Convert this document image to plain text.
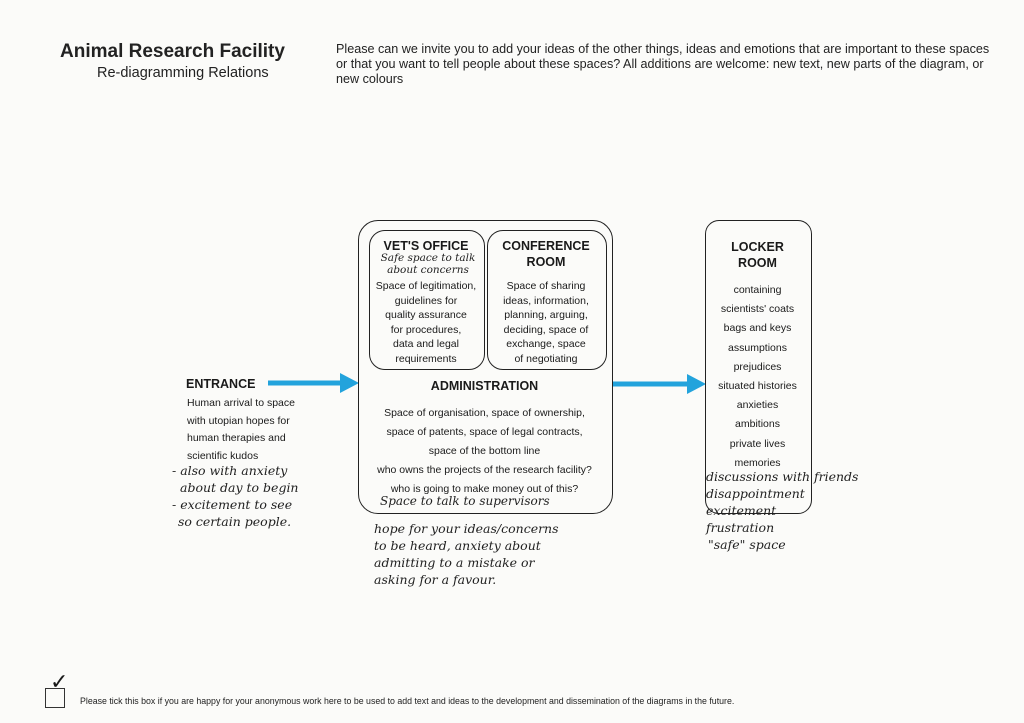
Animal Research Facility
Re-diagramming Relations
Please can we invite you to add your ideas of the other things, ideas and emotions that are important to these spaces or that you want to tell people about these spaces? All additions are welcome: new text, new parts of the diagram, or new colours
ENTRANCE
Human arrival to space
with utopian hopes for
human therapies and
scientific kudos
- also with anxiety
about day to begin
- excitement to see
so certain people.
VET'S OFFICE
Safe space to talk
about concerns
Space of legitimation,
guidelines for
quality assurance
for procedures,
data and legal
requirements
CONFERENCE
ROOM
Space of sharing
ideas, information,
planning, arguing,
deciding, space of
exchange, space
of negotiating
ADMINISTRATION
Space of organisation, space of ownership,
space of patents, space of legal contracts,
space of the bottom line
who owns the projects of the research facility?
who is going to make money out of this?
Space to talk to supervisors
hope for your ideas/concerns
to be heard, anxiety about
admitting to a mistake or
asking for a favour.
LOCKER
ROOM
containing
scientists' coats
bags and keys
assumptions
prejudices
situated histories
anxieties
ambitions
private lives
memories
discussions with friends
disappointment
excitement
frustration
"safe" space
✓
Please tick this box if you are happy for your anonymous work here to be used to add text and ideas to the development and dissemination of the diagrams in the future.
